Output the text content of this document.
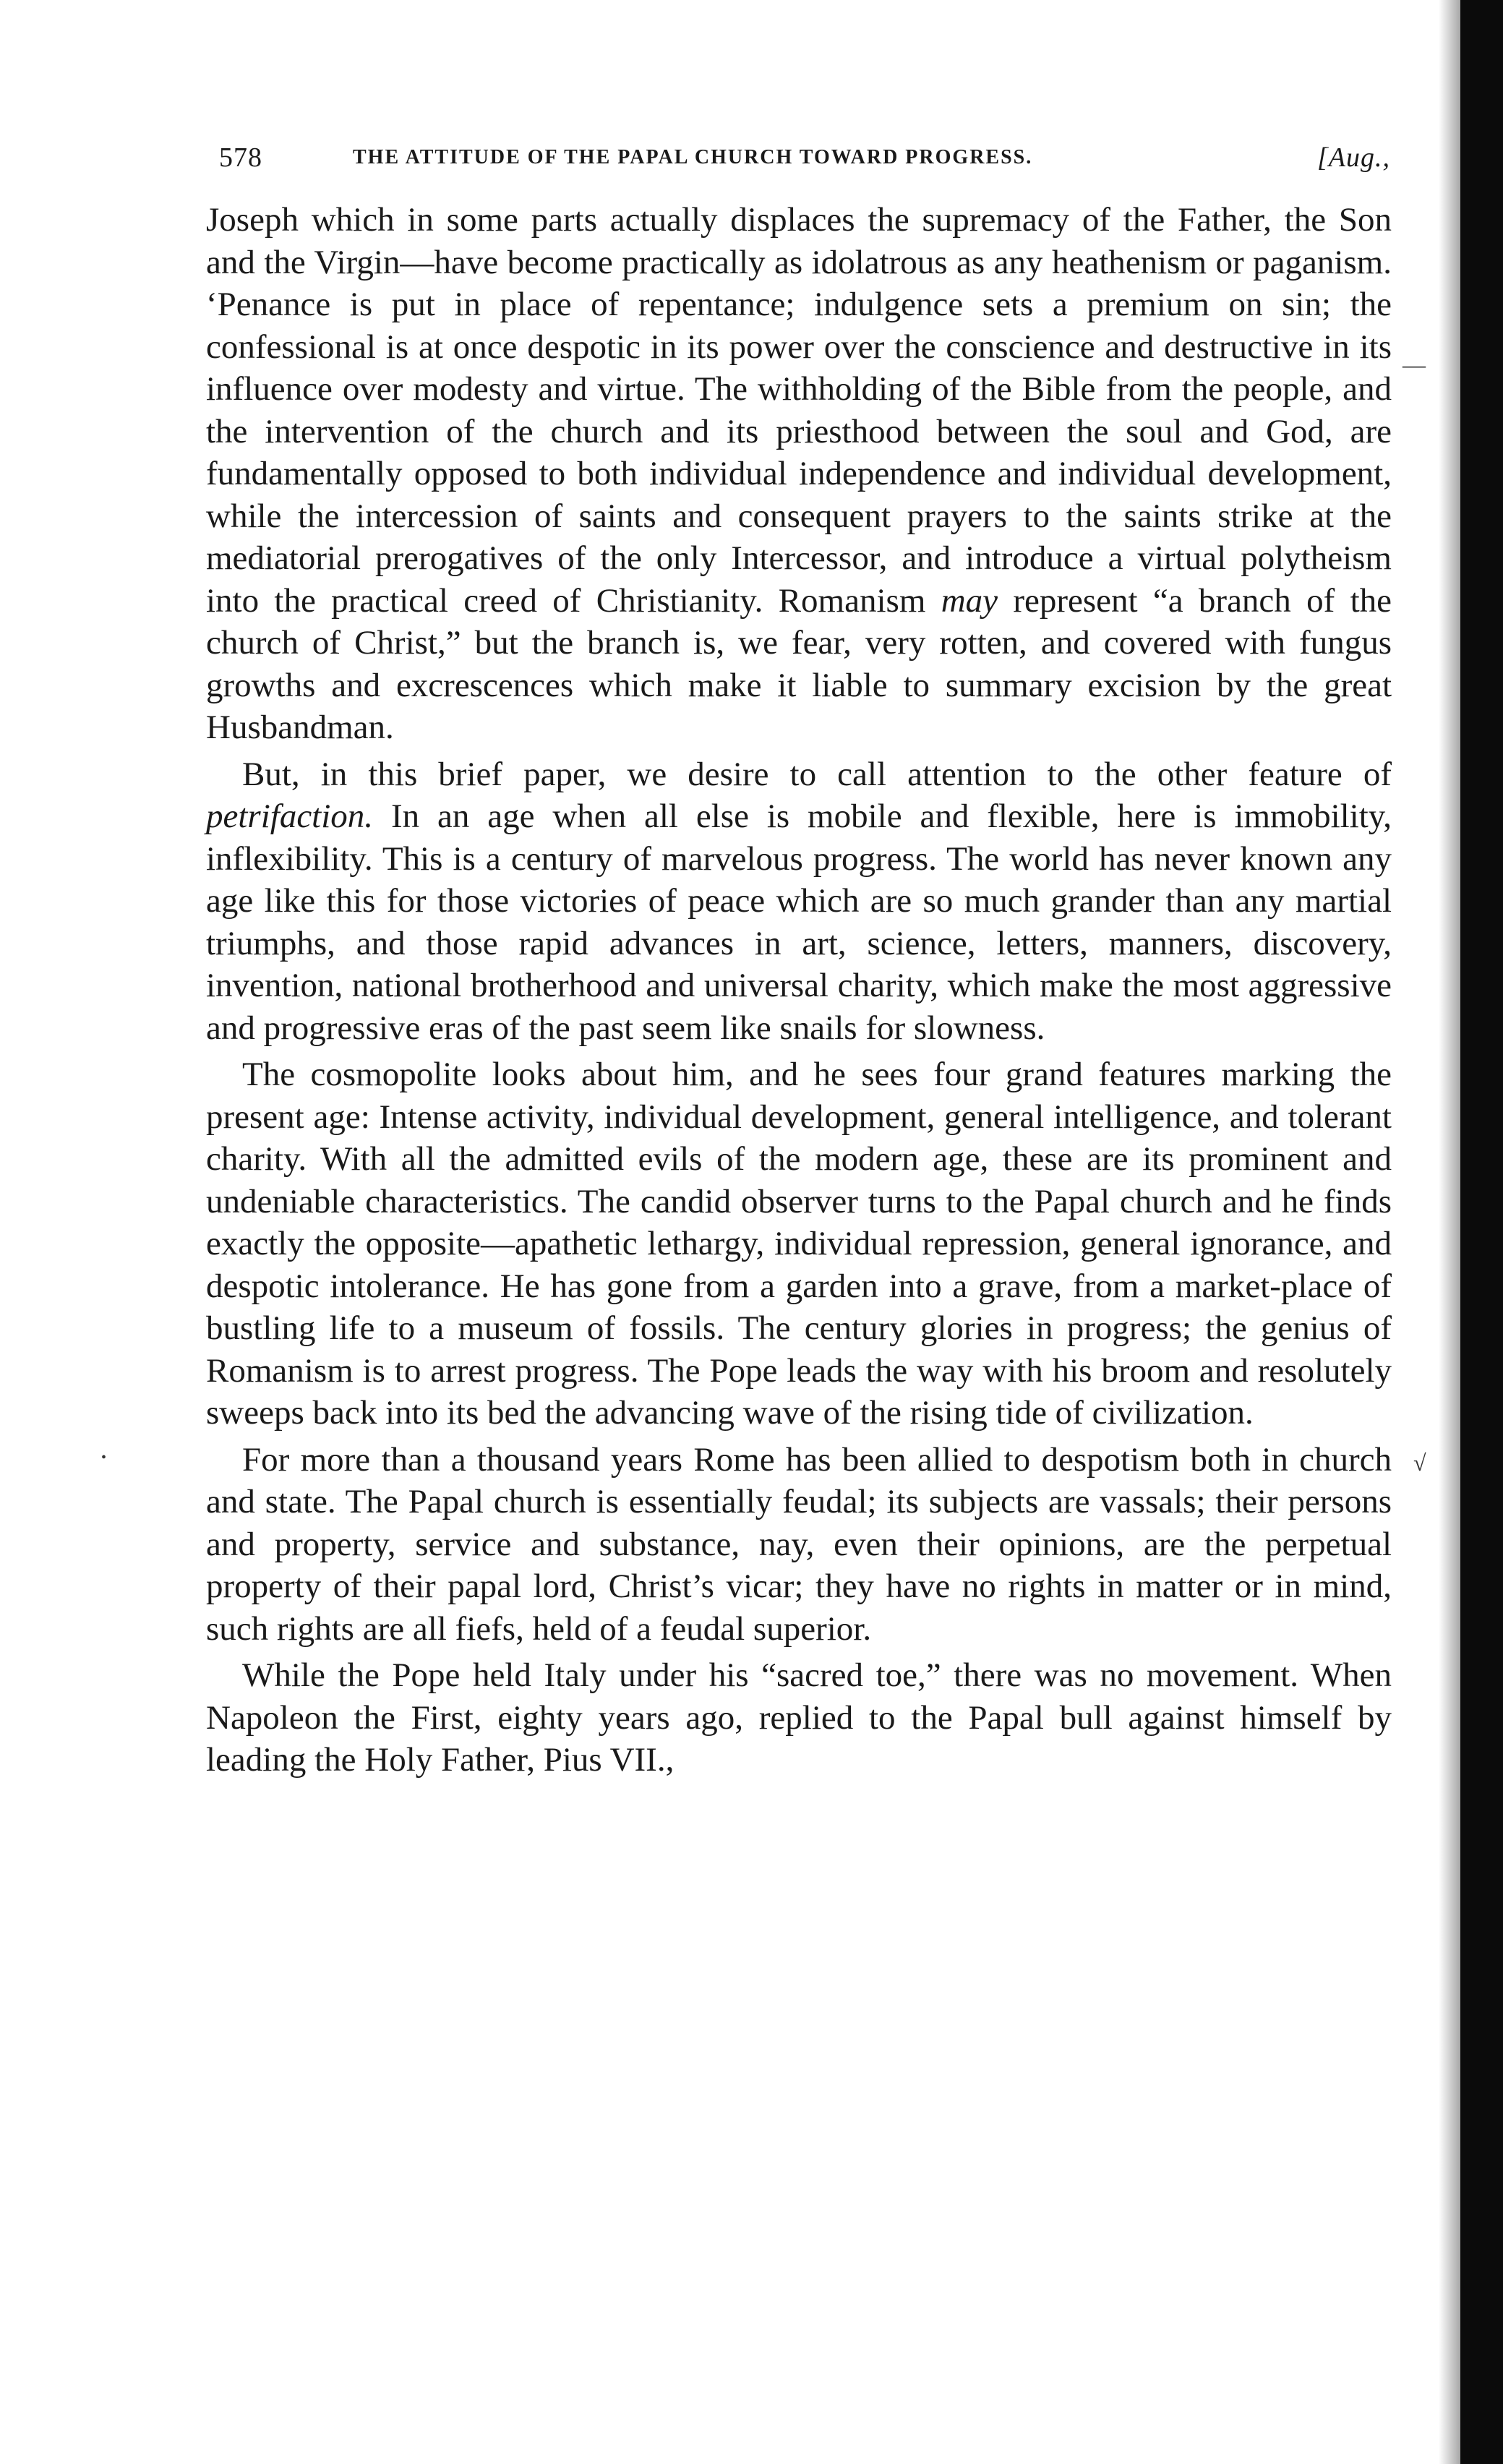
578	THE ATTITUDE OF THE PAPAL CHURCH TOWARD PROGRESS.	[Aug.,

Joseph which in some parts actually displaces the supremacy of the Father, the Son and the Virgin—have become practically as idolatrous as any heathenism or paganism. ‘Penance is put in place of repentance; indulgence sets a premium on sin; the confessional is at once despotic in its power over the conscience and destructive in its influence over modesty and virtue. The withholding of the Bible from the people, and the intervention of the church and its priesthood between the soul and God, are fundamentally opposed to both individual independence and individual development, while the intercession of saints and consequent prayers to the saints strike at the mediatorial prerogatives of the only Intercessor, and introduce a virtual polytheism into the practical creed of Christianity. Romanism may represent “a branch of the church of Christ,” but the branch is, we fear, very rotten, and covered with fungus growths and excrescences which make it liable to summary excision by the great Husbandman.

But, in this brief paper, we desire to call attention to the other feature of petrifaction. In an age when all else is mobile and flexible, here is immobility, inflexibility. This is a century of marvelous progress. The world has never known any age like this for those victories of peace which are so much grander than any martial triumphs, and those rapid advances in art, science, letters, manners, discovery, invention, national brotherhood and universal charity, which make the most aggressive and progressive eras of the past seem like snails for slowness.

The cosmopolite looks about him, and he sees four grand features marking the present age: Intense activity, individual development, general intelligence, and tolerant charity. With all the admitted evils of the modern age, these are its prominent and undeniable characteristics. The candid observer turns to the Papal church and he finds exactly the opposite—apathetic lethargy, individual repression, general ignorance, and despotic intolerance. He has gone from a garden into a grave, from a market-place of bustling life to a museum of fossils. The century glories in progress; the genius of Romanism is to arrest progress. The Pope leads the way with his broom and resolutely sweeps back into its bed the advancing wave of the rising tide of civilization.

For more than a thousand years Rome has been allied to despotism both in church and state. The Papal church is essentially feudal; its subjects are vassals; their persons and property, service and substance, nay, even their opinions, are the perpetual property of their papal lord, Christ’s vicar; they have no rights in matter or in mind, such rights are all fiefs, held of a feudal superior.

While the Pope held Italy under his “sacred toe,” there was no movement. When Napoleon the First, eighty years ago, replied to the Papal bull against himself by leading the Holy Father, Pius VII.,

—
√
•
